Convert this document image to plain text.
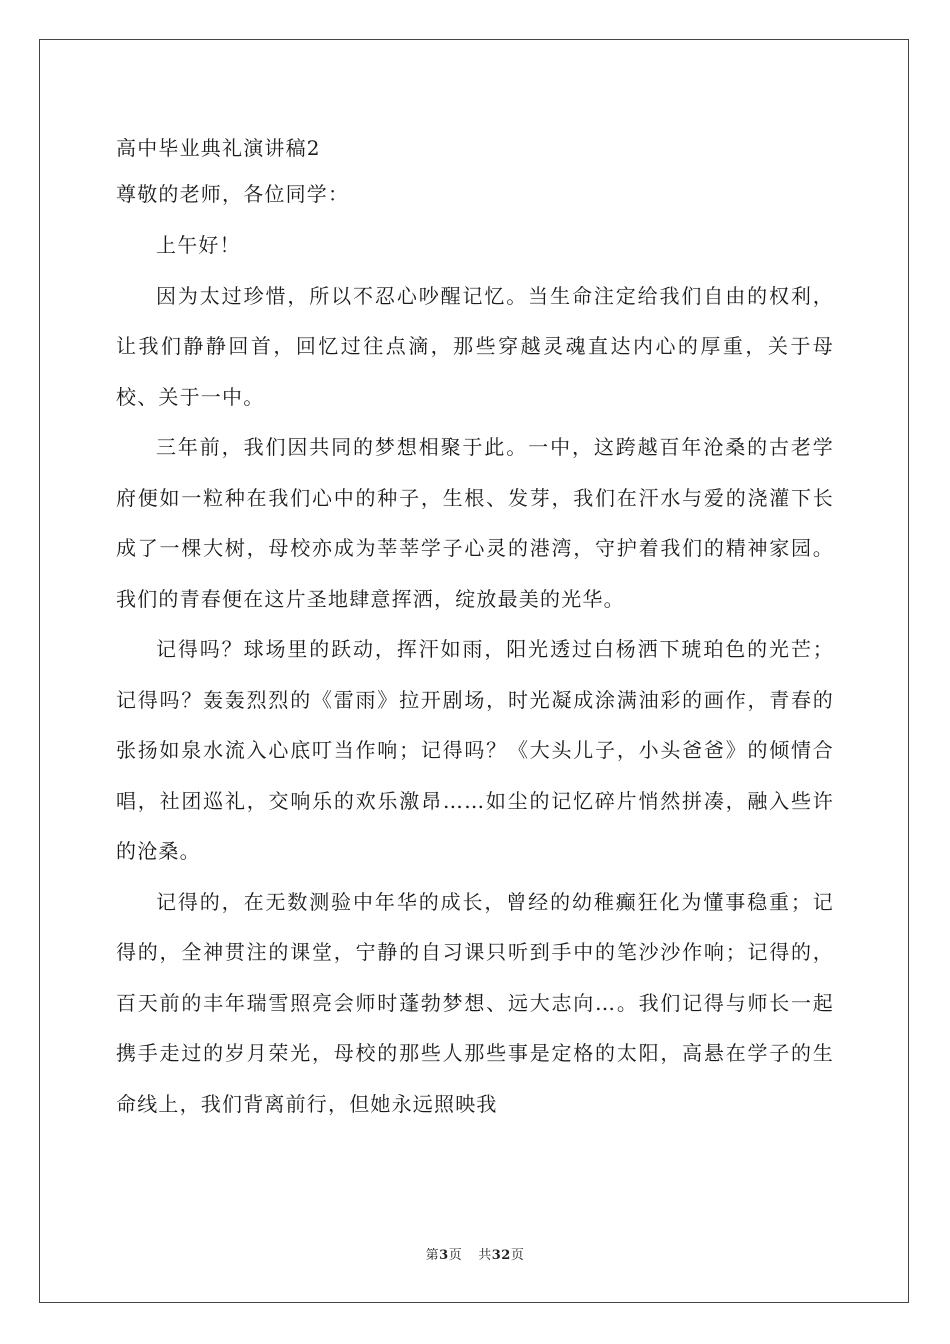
高中毕业典礼演讲稿2
尊敬的老师，各位同学：

上午好！

因为太过珍惜，所以不忍心吵醒记忆。当生命注定给我们自由的权利，让我们静静回首，回忆过往点滴，那些穿越灵魂直达内心的厚重，关于母校、关于一中。

三年前，我们因共同的梦想相聚于此。一中，这跨越百年沧桑的古老学府便如一粒种在我们心中的种子，生根、发芽，我们在汗水与爱的浇灌下长成了一棵大树，母校亦成为莘莘学子心灵的港湾，守护着我们的精神家园。我们的青春便在这片圣地肆意挥洒，绽放最美的光华。

记得吗？球场里的跃动，挥汗如雨，阳光透过白杨洒下琥珀色的光芒；记得吗？轰轰烈烈的《雷雨》拉开剧场，时光凝成涂满油彩的画作，青春的张扬如泉水流入心底叮当作响；记得吗？《大头儿子，小头爸爸》的倾情合唱，社团巡礼，交响乐的欢乐激昂……如尘的记忆碎片悄然拼凑，融入些许的沧桑。

记得的，在无数测验中年华的成长，曾经的幼稚癫狂化为懂事稳重；记得的，全神贯注的课堂，宁静的自习课只听到手中的笔沙沙作响；记得的，百天前的丰年瑞雪照亮会师时蓬勃梦想、远大志向…。我们记得与师长一起携手走过的岁月荣光，母校的那些人那些事是定格的太阳，高悬在学子的生命线上，我们背离前行，但她永远照映我

第3页 共32页
